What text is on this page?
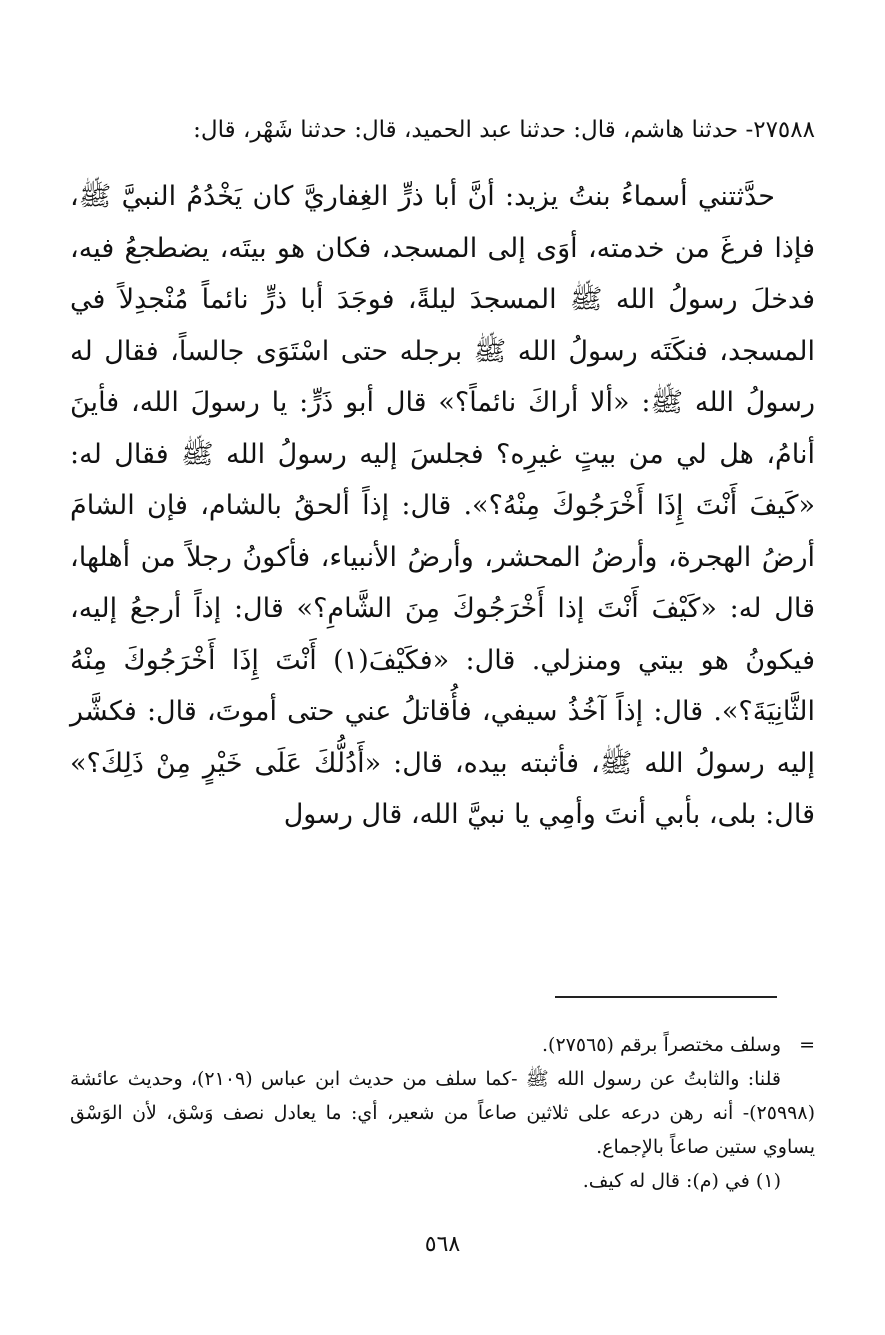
٢٧٥٨٨- حدثنا هاشم، قال: حدثنا عبد الحميد، قال: حدثنا شَهْر، قال:

حدَّثتني أسماءُ بنتُ يزيد: أنَّ أبا ذرٍّ الغِفاريَّ كان يَخْدُمُ النبيَّ ﷺ، فإذا فرغَ من خدمته، أوَى إلى المسجد، فكان هو بيتَه، يضطجعُ فيه، فدخلَ رسولُ الله ﷺ المسجدَ ليلةً، فوجَدَ أبا ذرٍّ نائماً مُنْجدِلاً في المسجد، فنكَتَه رسولُ الله ﷺ برجله حتى اسْتَوَى جالساً، فقال له رسولُ الله ﷺ: «ألا أراكَ نائماً؟» قال أبو ذَرٍّ: يا رسولَ الله، فأينَ أنامُ، هل لي من بيتٍ غيرِه؟ فجلسَ إليه رسولُ الله ﷺ فقال له: «كَيفَ أَنْتَ إِذَا أَخْرَجُوكَ مِنْهُ؟». قال: إذاً ألحقُ بالشام، فإن الشامَ أرضُ الهجرة، وأرضُ المحشر، وأرضُ الأنبياء، فأكونُ رجلاً من أهلها، قال له: «كَيْفَ أَنْتَ إذا أَخْرَجُوكَ مِنَ الشَّامِ؟» قال: إذاً أرجعُ إليه، فيكونُ هو بيتي ومنزلي. قال: «فكَيْفَ(١) أَنْتَ إِذَا أَخْرَجُوكَ مِنْهُ الثَّانِيَةَ؟». قال: إذاً آخُذُ سيفي، فأُقاتلُ عني حتى أموتَ، قال: فكشَّر إليه رسولُ الله ﷺ، فأثبته بيده، قال: «أَدُلُّكَ عَلَى خَيْرٍ مِنْ ذَلِكَ؟» قال: بلى، بأبي أنتَ وأمِي يا نبيَّ الله، قال رسول

=وسلف مختصراً برقم (٢٧٥٦٥).

قلنا: والثابتُ عن رسول الله ﷺ -كما سلف من حديث ابن عباس (٢١٠٩)، وحديث عائشة (٢٥٩٩٨)- أنه رهن درعه على ثلاثين صاعاً من شعير، أي: ما يعادل نصف وَسْق، لأن الوَسْق يساوي ستين صاعاً بالإجماع.

(١) في (م): قال له كيف.

٥٦٨
